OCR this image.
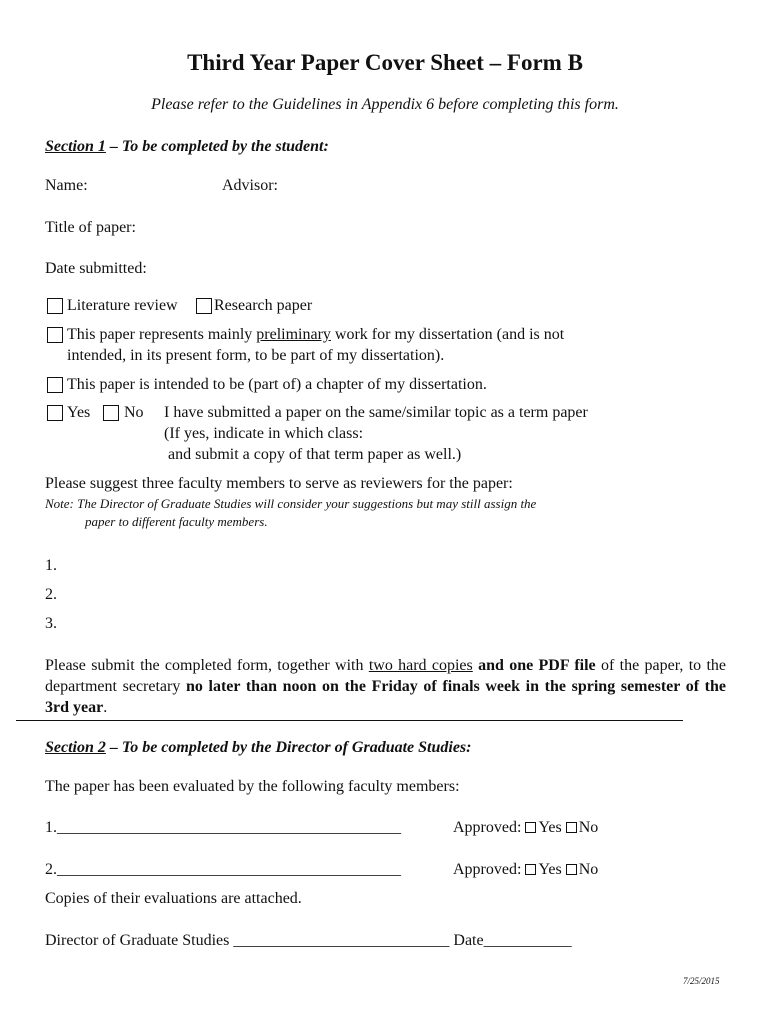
Third Year Paper Cover Sheet – Form B
Please refer to the Guidelines in Appendix 6 before completing this form.
Section 1 – To be completed by the student:
Name:	Advisor:
Title of paper:
Date submitted:
Literature review Research paper
This paper represents mainly preliminary work for my dissertation (and is not
intended, in its present form, to be part of my dissertation).
This paper is intended to be (part of) a chapter of my dissertation.
Yes No I have submitted a paper on the same/similar topic as a term paper
(If yes, indicate in which class:
and submit a copy of that term paper as well.)
Please suggest three faculty members to serve as reviewers for the paper:
Note: The Director of Graduate Studies will consider your suggestions but may still assign the
paper to different faculty members.
1.
2.
3.
Please submit the completed form, together with two hard copies and one PDF file of the paper, to the department secretary no later than noon on the Friday of finals week in the spring semester of the 3rd year.
Section 2 – To be completed by the Director of Graduate Studies:
The paper has been evaluated by the following faculty members:
1.___________________________________________	Approved: Yes No
2.___________________________________________	Approved: Yes No
Copies of their evaluations are attached.
Director of Graduate Studies ___________________________ Date___________
7/25/2015
